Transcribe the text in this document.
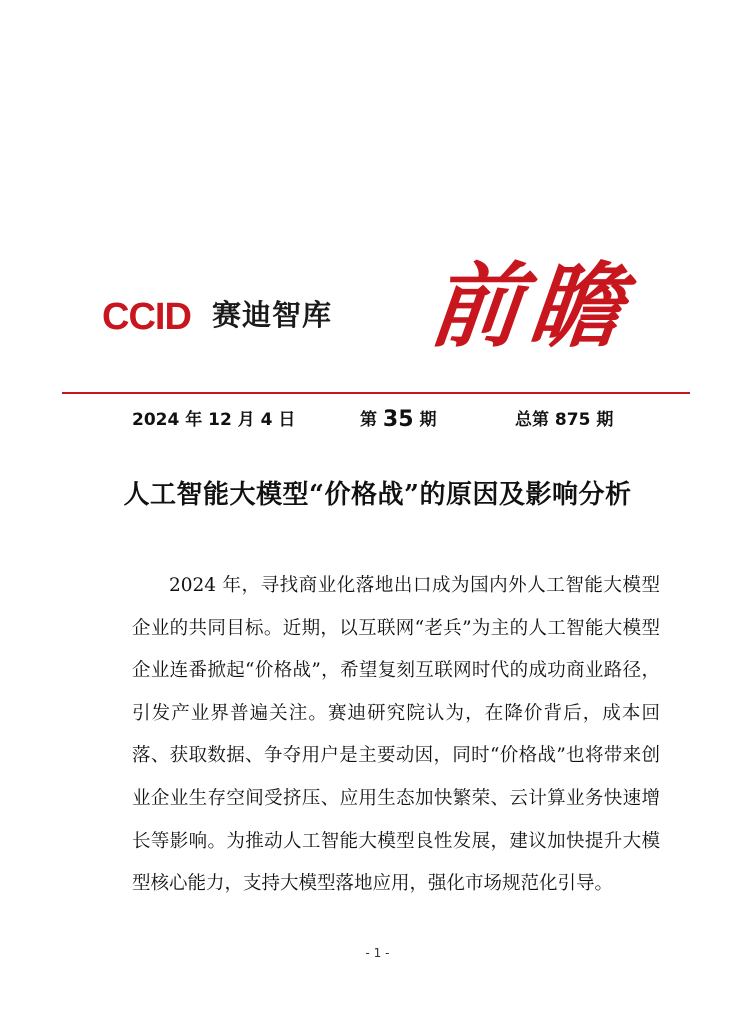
CCID 赛迪智库 前瞻
2024 年 12 月 4 日	第 35 期	总第 875 期
人工智能大模型“价格战”的原因及影响分析
2024 年，寻找商业化落地出口成为国内外人工智能大模型企业的共同目标。近期，以互联网“老兵”为主的人工智能大模型企业连番掀起“价格战”，希望复刻互联网时代的成功商业路径，引发产业界普遍关注。赛迪研究院认为，在降价背后，成本回落、获取数据、争夺用户是主要动因，同时“价格战”也将带来创业企业生存空间受挤压、应用生态加快繁荣、云计算业务快速增长等影响。为推动人工智能大模型良性发展，建议加快提升大模型核心能力，支持大模型落地应用，强化市场规范化引导。
- 1 -
